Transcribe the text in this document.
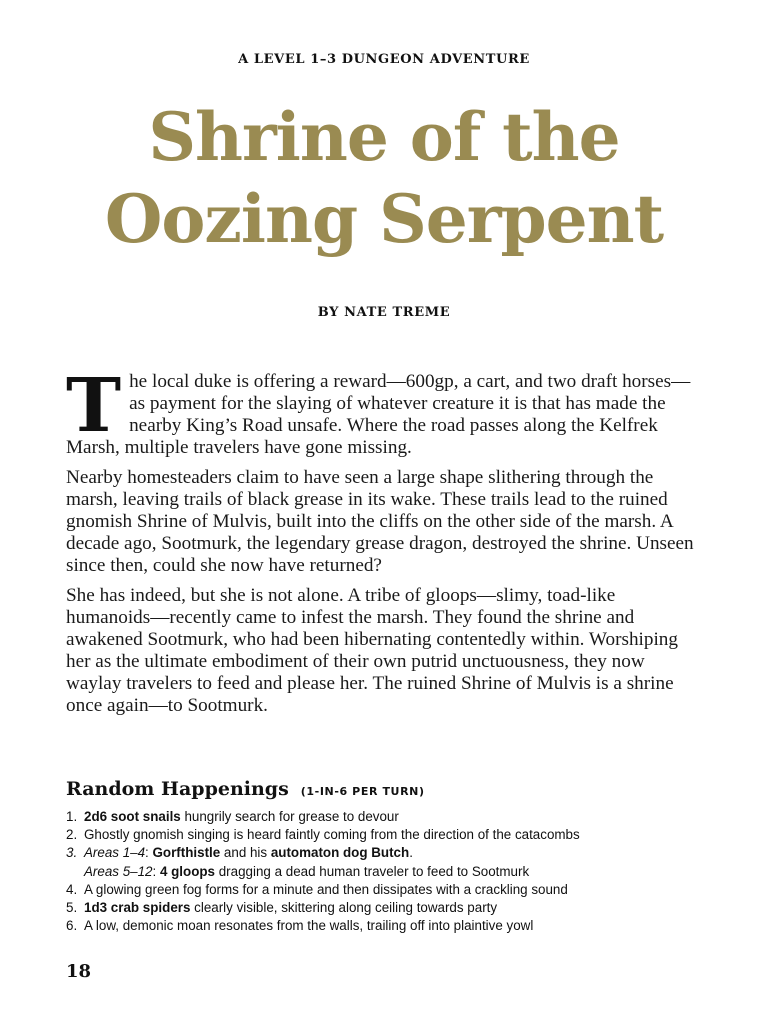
A LEVEL 1–3 DUNGEON ADVENTURE
Shrine of the
Oozing Serpent
BY NATE TREME

The local duke is offering a reward—600gp, a cart, and two draft horses—as payment for the slaying of whatever creature it is that has made the nearby King’s Road unsafe. Where the road passes along the Kelfrek Marsh, multiple travelers have gone missing.

Nearby homesteaders claim to have seen a large shape slithering through the marsh, leaving trails of black grease in its wake. These trails lead to the ruined gnomish Shrine of Mulvis, built into the cliffs on the other side of the marsh. A decade ago, Sootmurk, the legendary grease dragon, destroyed the shrine. Unseen since then, could she now have returned?

She has indeed, but she is not alone. A tribe of gloops—slimy, toad-like humanoids—recently came to infest the marsh. They found the shrine and awakened Sootmurk, who had been hibernating contentedly within. Worshiping her as the ultimate embodiment of their own putrid unctuousness, they now waylay travelers to feed and please her. The ruined Shrine of Mulvis is a shrine once again—to Sootmurk.

Random Happenings (1-IN-6 PER TURN)
1. 2d6 soot snails hungrily search for grease to devour
2. Ghostly gnomish singing is heard faintly coming from the direction of the catacombs
3. Areas 1–4: Gorfthistle and his automaton dog Butch.
Areas 5–12: 4 gloops dragging a dead human traveler to feed to Sootmurk
4. A glowing green fog forms for a minute and then dissipates with a crackling sound
5. 1d3 crab spiders clearly visible, skittering along ceiling towards party
6. A low, demonic moan resonates from the walls, trailing off into plaintive yowl
18
